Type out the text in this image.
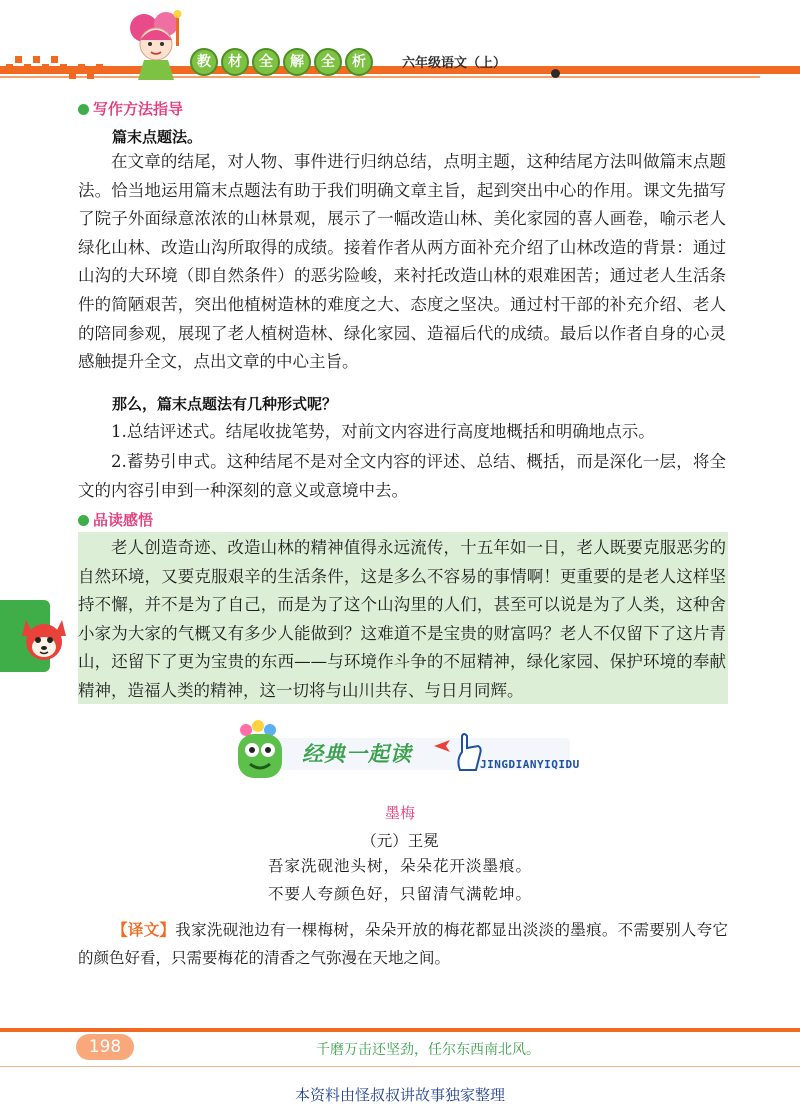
教	材	全	解	全	析	六年级语文（上）
写作方法指导
篇末点题法。

在文章的结尾，对人物、事件进行归纳总结，点明主题，这种结尾方法叫做篇末点题法。恰当地运用篇末点题法有助于我们明确文章主旨，起到突出中心的作用。课文先描写了院子外面绿意浓浓的山林景观，展示了一幅改造山林、美化家园的喜人画卷，喻示老人绿化山林、改造山沟所取得的成绩。接着作者从两方面补充介绍了山林改造的背景：通过山沟的大环境（即自然条件）的恶劣险峻，来衬托改造山林的艰难困苦；通过老人生活条件的简陋艰苦，突出他植树造林的难度之大、态度之坚决。通过村干部的补充介绍、老人的陪同参观，展现了老人植树造林、绿化家园、造福后代的成绩。最后以作者自身的心灵感触提升全文，点出文章的中心主旨。

那么，篇末点题法有几种形式呢？

1.总结评述式。结尾收拢笔势，对前文内容进行高度地概括和明确地点示。

2.蓄势引申式。这种结尾不是对全文内容的评述、总结、概括，而是深化一层，将全文的内容引申到一种深刻的意义或意境中去。

品读感悟

老人创造奇迹、改造山林的精神值得永远流传，十五年如一日，老人既要克服恶劣的自然环境，又要克服艰辛的生活条件，这是多么不容易的事情啊！更重要的是老人这样坚持不懈，并不是为了自己，而是为了这个山沟里的人们，甚至可以说是为了人类，这种舍小家为大家的气概又有多少人能做到？这难道不是宝贵的财富吗？老人不仅留下了这片青山，还留下了更为宝贵的东西——与环境作斗争的不屈精神，绿化家园、保护环境的奉献精神，造福人类的精神，这一切将与山川共存、与日月同辉。

经典一起读	JINGDIANYIQIDU
墨梅
（元）王冕
吾家洗砚池头树，朵朵花开淡墨痕。
不要人夸颜色好，只留清气满乾坤。

【译文】我家洗砚池边有一棵梅树，朵朵开放的梅花都显出淡淡的墨痕。不需要别人夸它的颜色好看，只需要梅花的清香之气弥漫在天地之间。

198	千磨万击还坚劲，任尔东西南北风。
本资料由怪叔叔讲故事独家整理
